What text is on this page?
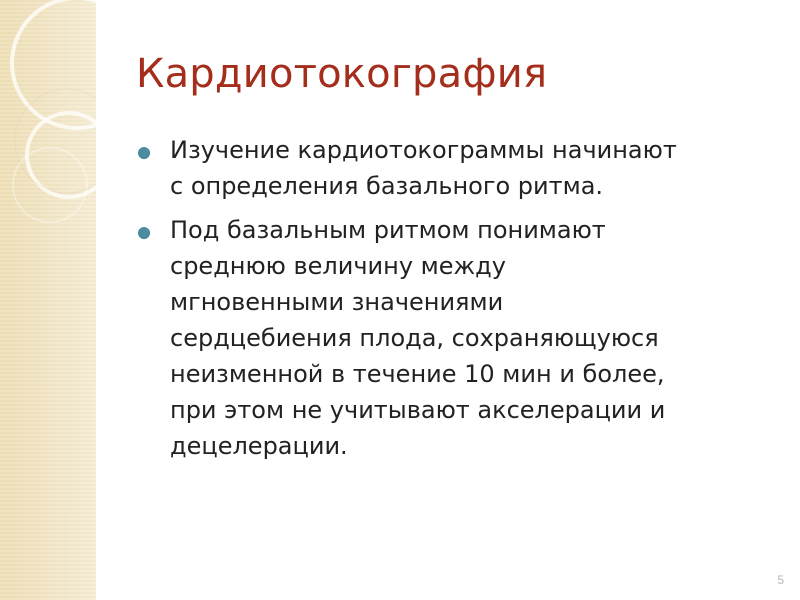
Кардиотокография
Изучение кардиотокограммы начинают
с определения базального ритма.
Под базальным ритмом понимают
среднюю величину между
мгновенными значениями
сердцебиения плода, сохраняющуюся
неизменной в течение 10 мин и более,
при этом не учитывают акселерации и
децелерации.
5
